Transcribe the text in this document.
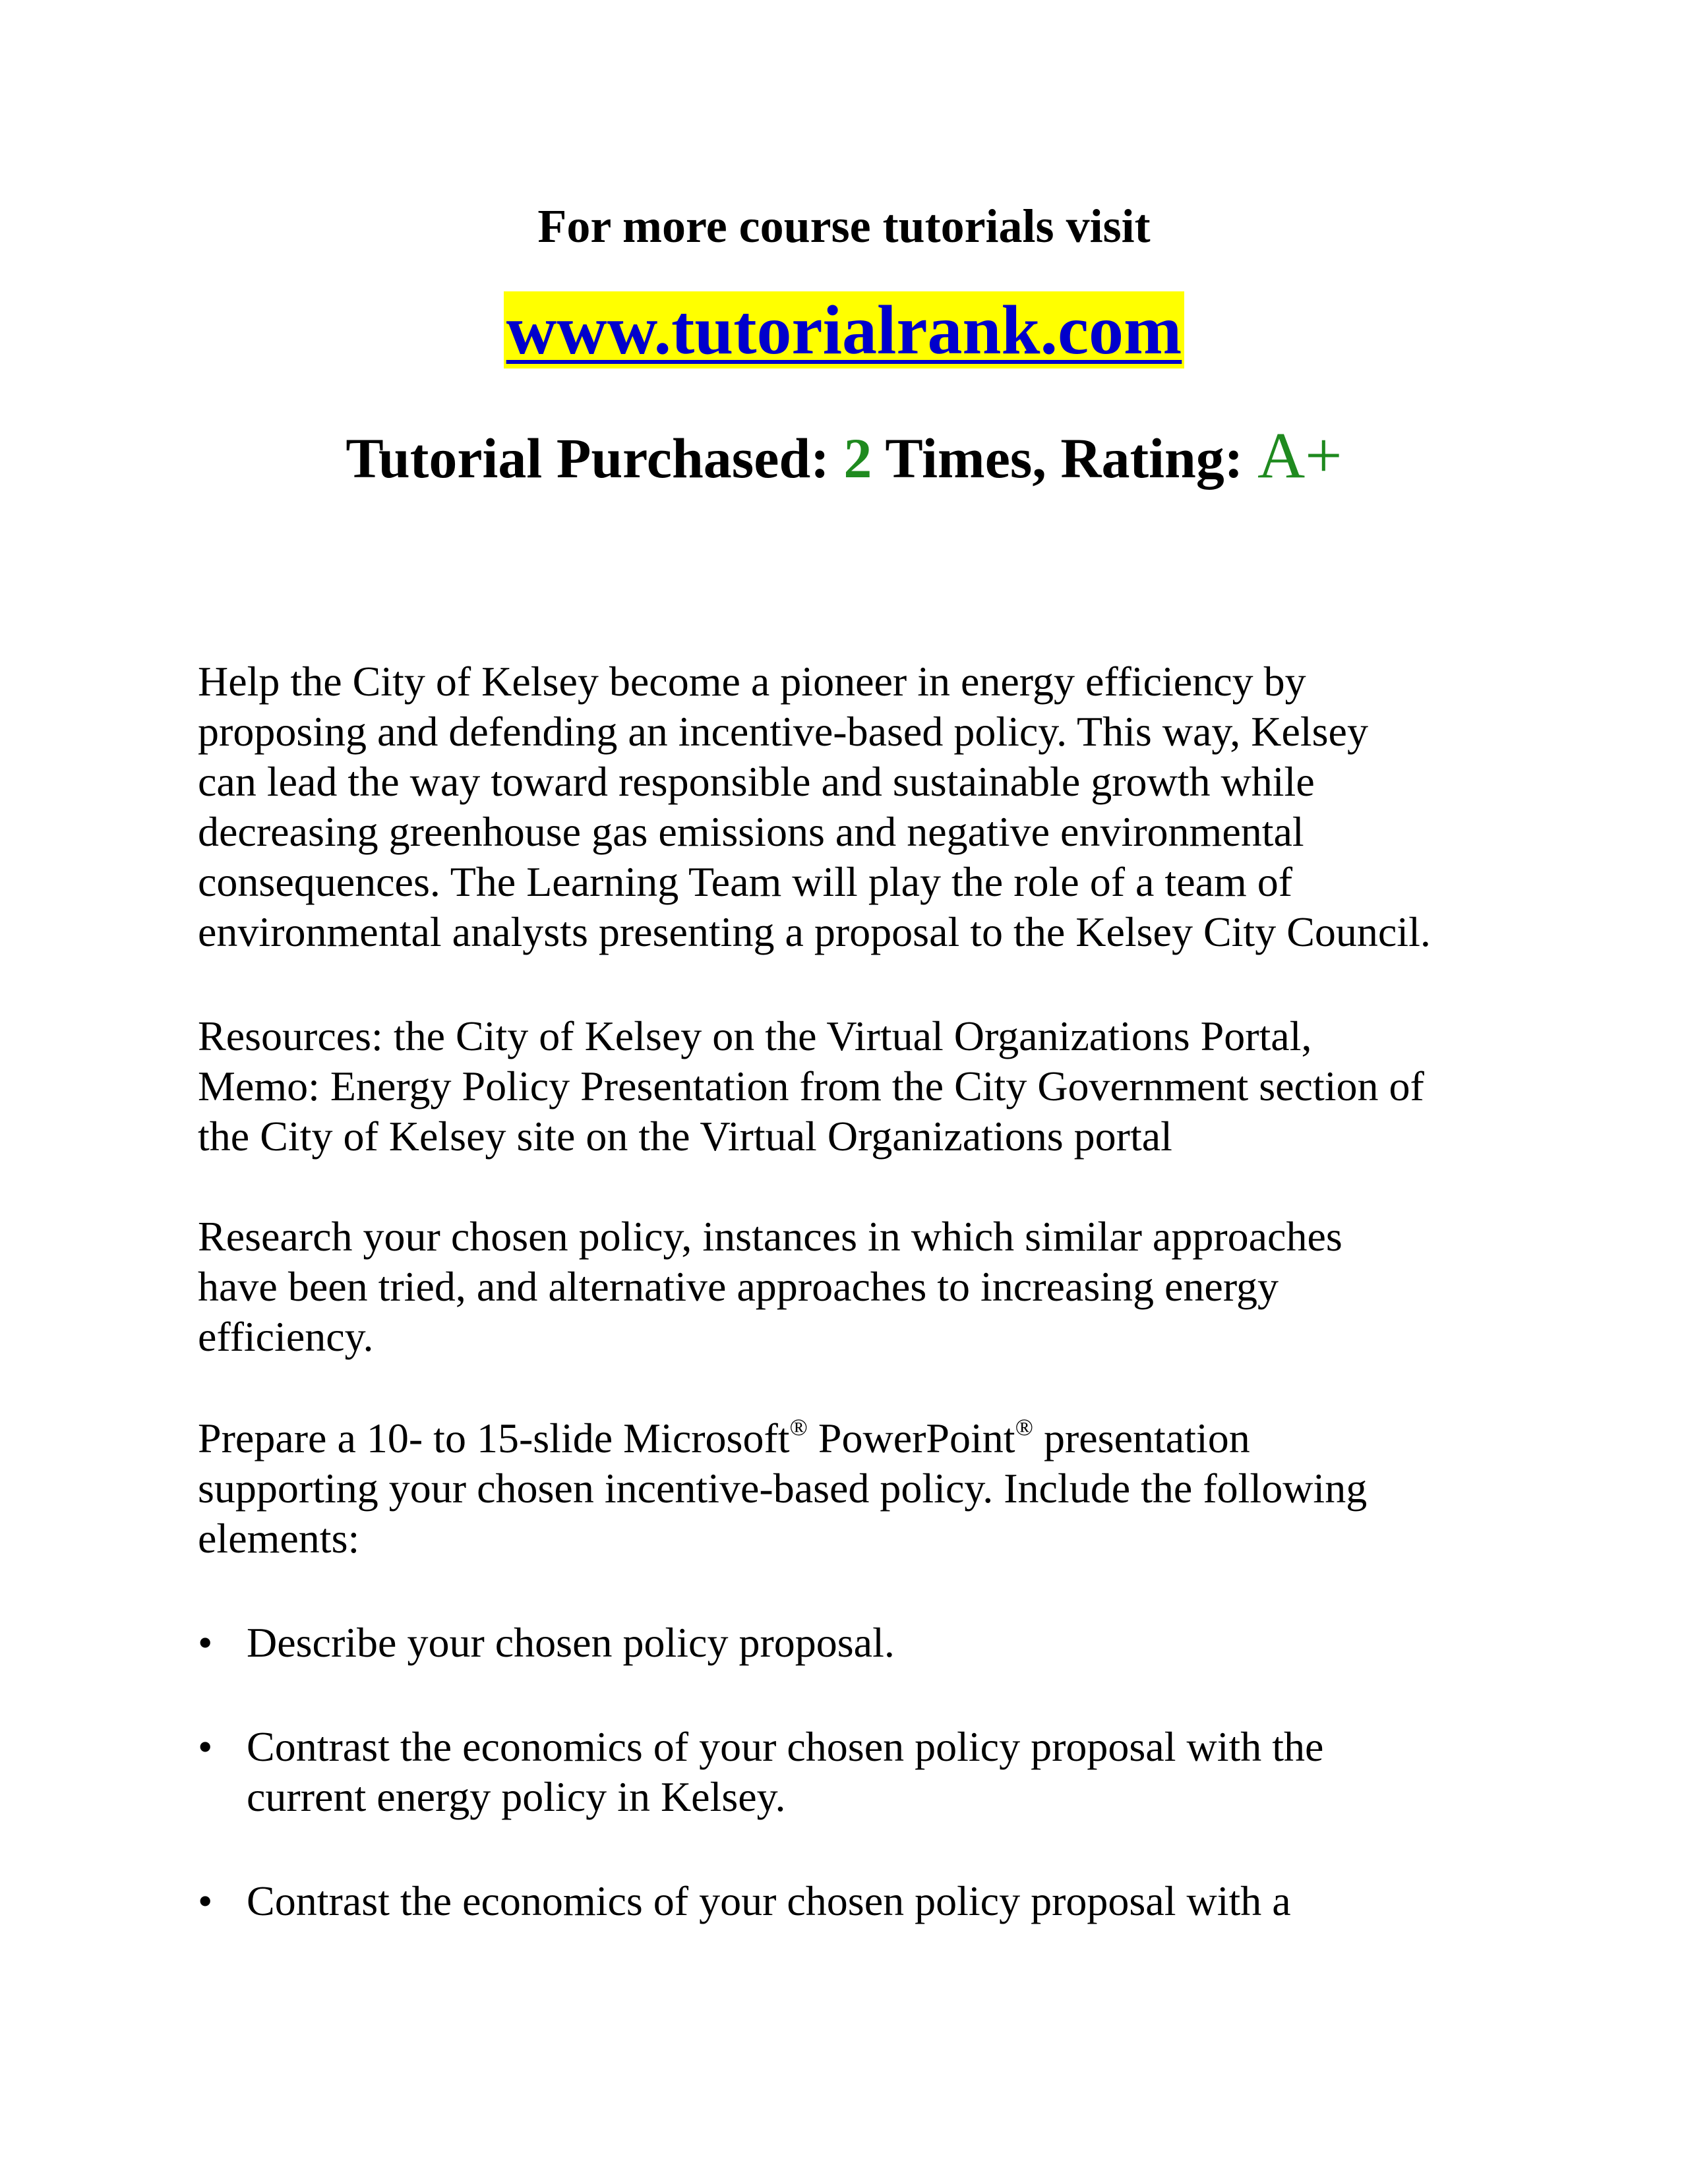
For more course tutorials visit
www.tutorialrank.com
Tutorial Purchased: 2 Times, Rating: A+
Help the City of Kelsey become a pioneer in energy efficiency by
proposing and defending an incentive-based policy. This way, Kelsey
can lead the way toward responsible and sustainable growth while
decreasing greenhouse gas emissions and negative environmental
consequences. The Learning Team will play the role of a team of
environmental analysts presenting a proposal to the Kelsey City Council.
Resources: the City of Kelsey on the Virtual Organizations Portal,
Memo: Energy Policy Presentation from the City Government section of
the City of Kelsey site on the Virtual Organizations portal
Research your chosen policy, instances in which similar approaches
have been tried, and alternative approaches to increasing energy
efficiency.
Prepare a 10- to 15-slide Microsoft® PowerPoint® presentation
supporting your chosen incentive-based policy. Include the following
elements:
• Describe your chosen policy proposal.
• Contrast the economics of your chosen policy proposal with the
current energy policy in Kelsey.
• Contrast the economics of your chosen policy proposal with a
